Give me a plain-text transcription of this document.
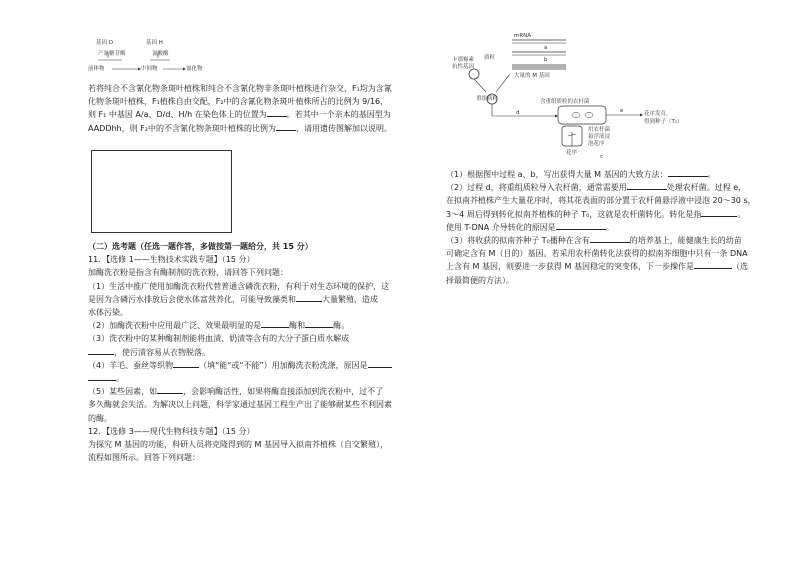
基因 D	基因 H
产氰糖苷酶	氰酸酶
前体物	中间物	氰化物

若将纯合不含氰化物条斑叶植株和纯合不含氰化物非条斑叶植株进行杂交，F₁均为含氰

化物条斑叶植株，F₁植株自由交配，F₂中的含氰化物条斑叶植株所占的比例为 9/16，

则 F₁ 中基因 A/a、D/d、H/h 在染色体上的位置为	。若其中一个亲本的基因型为

AADDhh，则 F₂中的不含氰化物条斑叶植株的比例为	，请用遗传图解加以说明。

（二）选考题（任选一题作答，多做按第一题给分，共 15 分）

11．【选修 1——生物技术实践专题】（15 分）

加酶洗衣粉是指含有酶制剂的洗衣粉，请回答下列问题：

（1）生活中推广使用加酶洗衣粉代替普通含磷洗衣粉，有利于对生态环境的保护，这

是因为含磷污水排放后会使水体富营养化，可能导致藻类和	大量繁殖，造成

水体污染。

（2）加酶洗衣粉中应用最广泛、效果最明显的是	酶和	酶。

（3）洗衣粉中的某种酶制剂能将血渍、奶渍等含有的大分子蛋白质水解成

，使污渍容易从衣物脱落。

（4）羊毛、蚕丝等织物	（填“能”或“不能”）用加酶洗衣粉洗涤，原因是

。

（5）某些因素，如	，会影响酶活性，如果将酶直接添加到洗衣粉中，过不了

多久酶就会失活。为解决以上问题，科学家通过基因工程生产出了能够耐某些不利因素

的酶。

12．【选修 3——现代生物科技专题】（15 分）

为探究 M 基因的功能，科研人员将克隆得到的 M 基因导入拟南芥植株（自交繁殖），

流程如图所示。回答下列问题：

卡那霉素
抗性基因
质粒
mRNA
a
b
大量的 M 基因
重组质粒	含重组质粒的农杆菌
d	e
花序
花序发育，
得到种子（T₁）
用农杆菌
悬浮液浸
泡花序
c

（1）根据图中过程 a、b，写出获得大量 M 基因的大致方法：	。

（2）过程 d，将重组质粒导入农杆菌，通常需要用	处理农杆菌。过程 e，

在拟南芥植株产生大量花序时，将其花表面的部分置于农杆菌悬浮液中浸泡 20～30 s，

3～4 周后得到转化拟南芥植株的种子 T₀，这就是农杆菌转化。转化是指	。

使用 T-DNA 介导转化的原因是	。

（3）将收获的拟南芥种子 T₀播种在含有	的培养基上，能健康生长的幼苗

可确定含有 M（目的）基因。若采用农杆菌转化法获得的拟南芥细胞中只有一条 DNA

上含有 M 基因，则要进一步获得 M 基因稳定的突变体，下一步操作是	（选

择最简便的方法）。
